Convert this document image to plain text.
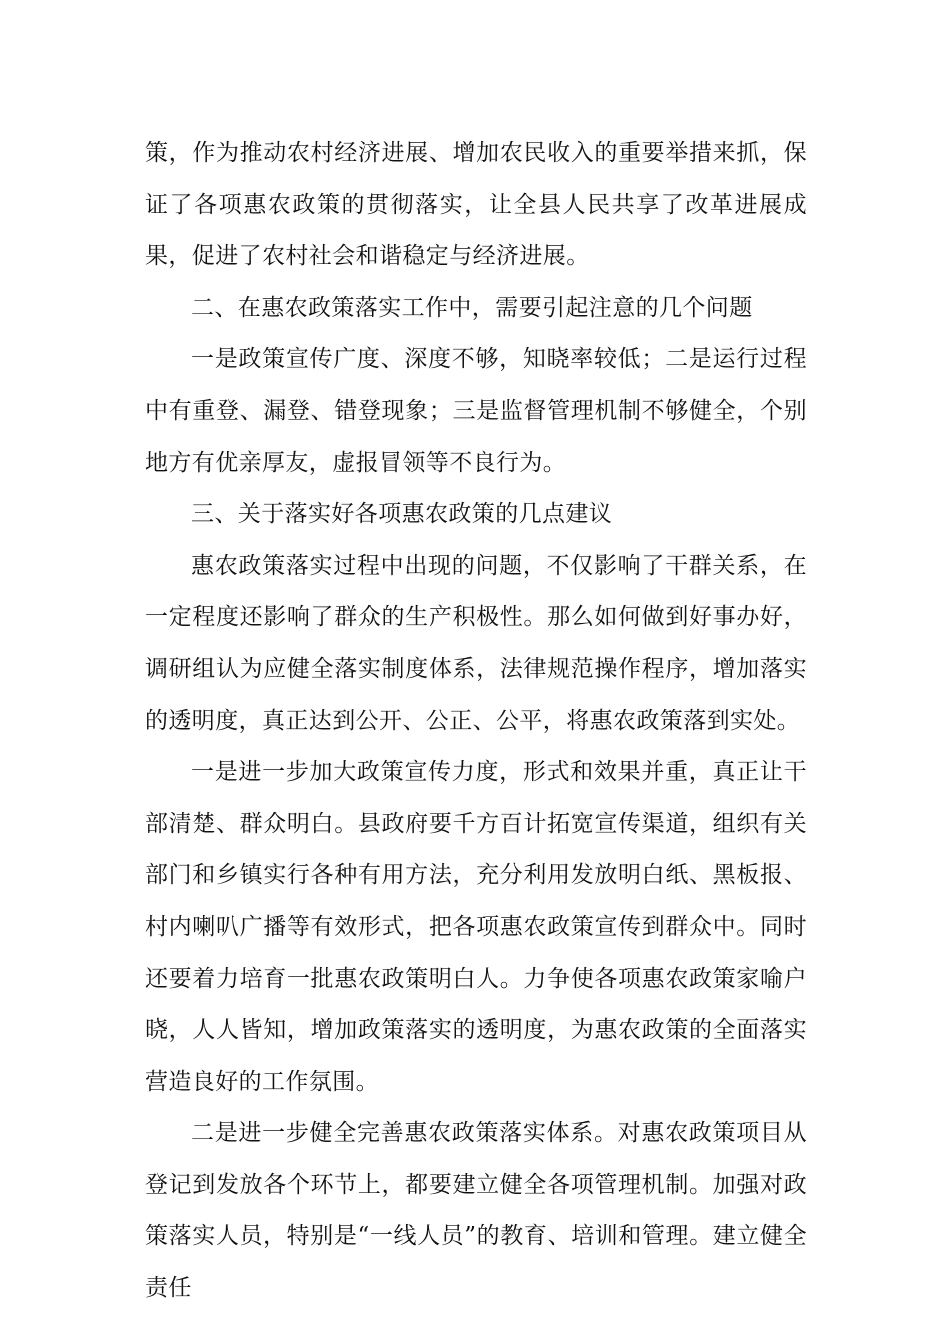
策，作为推动农村经济进展、增加农民收入的重要举措来抓，保证了各项惠农政策的贯彻落实，让全县人民共享了改革进展成果，促进了农村社会和谐稳定与经济进展。

二、在惠农政策落实工作中，需要引起注意的几个问题

一是政策宣传广度、深度不够，知晓率较低；二是运行过程中有重登、漏登、错登现象；三是监督管理机制不够健全，个别地方有优亲厚友，虚报冒领等不良行为。

三、关于落实好各项惠农政策的几点建议

惠农政策落实过程中出现的问题，不仅影响了干群关系，在一定程度还影响了群众的生产积极性。那么如何做到好事办好，调研组认为应健全落实制度体系，法律规范操作程序，增加落实的透明度，真正达到公开、公正、公平，将惠农政策落到实处。

一是进一步加大政策宣传力度，形式和效果并重，真正让干部清楚、群众明白。县政府要千方百计拓宽宣传渠道，组织有关部门和乡镇实行各种有用方法，充分利用发放明白纸、黑板报、村内喇叭广播等有效形式，把各项惠农政策宣传到群众中。同时还要着力培育一批惠农政策明白人。力争使各项惠农政策家喻户晓，人人皆知，增加政策落实的透明度，为惠农政策的全面落实营造良好的工作氛围。

二是进一步健全完善惠农政策落实体系。对惠农政策项目从登记到发放各个环节上，都要建立健全各项管理机制。加强对政策落实人员，特别是“一线人员”的教育、培训和管理。建立健全责任
